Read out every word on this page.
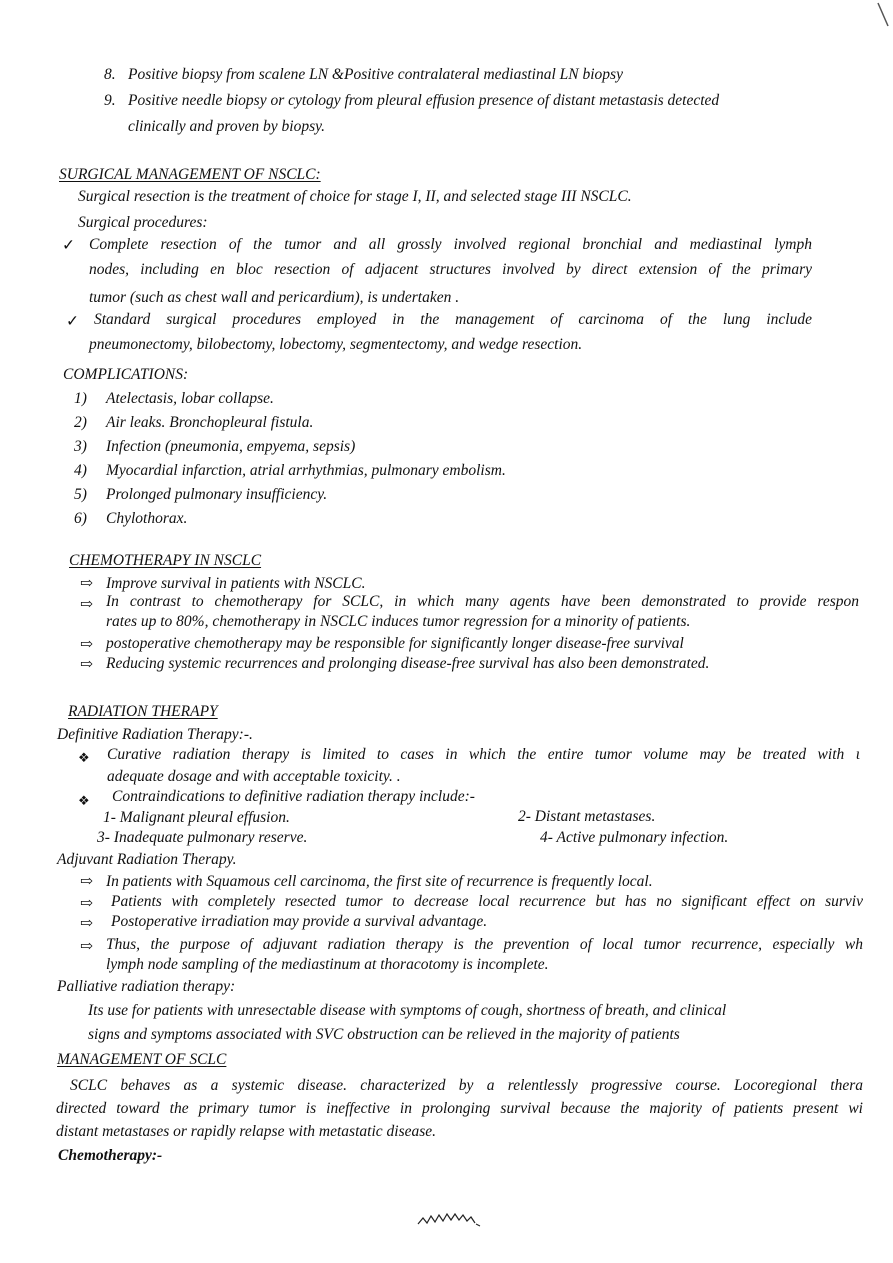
8. Positive biopsy from scalene LN &Positive contralateral mediastinal LN biopsy
9. Positive needle biopsy or cytology from pleural effusion presence of distant metastasis detected
clinically and proven by biopsy.
SURGICAL MANAGEMENT OF NSCLC:
Surgical resection is the treatment of choice for stage I, II, and selected stage III NSCLC.
Surgical procedures:
✓ Complete resection of the tumor and all grossly involved regional bronchial and mediastinal lymph
nodes, including en bloc resection of adjacent structures involved by direct extension of the primary
tumor (such as chest wall and pericardium), is undertaken .
✓ Standard surgical procedures employed in the management of carcinoma of the lung include
pneumonectomy, bilobectomy, lobectomy, segmentectomy, and wedge resection.
COMPLICATIONS:
1) Atelectasis, lobar collapse.
2) Air leaks. Bronchopleural fistula.
3) Infection (pneumonia, empyema, sepsis)
4) Myocardial infarction, atrial arrhythmias, pulmonary embolism.
5) Prolonged pulmonary insufficiency.
6) Chylothorax.
CHEMOTHERAPY IN NSCLC
⇨ Improve survival in patients with NSCLC.
⇨ In contrast to chemotherapy for SCLC, in which many agents have been demonstrated to provide respon
rates up to 80%, chemotherapy in NSCLC induces tumor regression for a minority of patients.
⇨ postoperative chemotherapy may be responsible for significantly longer disease-free survival
⇨ Reducing systemic recurrences and prolonging disease-free survival has also been demonstrated.
RADIATION THERAPY
Definitive Radiation Therapy:-.
❖ Curative radiation therapy is limited to cases in which the entire tumor volume may be treated with ι
adequate dosage and with acceptable toxicity. .
❖ Contraindications to definitive radiation therapy include:-
1- Malignant pleural effusion.	2- Distant metastases.
3- Inadequate pulmonary reserve.	4- Active pulmonary infection.
Adjuvant Radiation Therapy.
⇨ In patients with Squamous cell carcinoma, the first site of recurrence is frequently local.
⇨ Patients with completely resected tumor to decrease local recurrence but has no significant effect on surviv
⇨ Postoperative irradiation may provide a survival advantage.
⇨ Thus, the purpose of adjuvant radiation therapy is the prevention of local tumor recurrence, especially wh
lymph node sampling of the mediastinum at thoracotomy is incomplete.
Palliative radiation therapy:
Its use for patients with unresectable disease with symptoms of cough, shortness of breath, and clinical
signs and symptoms associated with SVC obstruction can be relieved in the majority of patients
MANAGEMENT OF SCLC
SCLC behaves as a systemic disease. characterized by a relentlessly progressive course. Locoregional thera
directed toward the primary tumor is ineffective in prolonging survival because the majority of patients present wi
distant metastases or rapidly relapse with metastatic disease.
Chemotherapy:-
